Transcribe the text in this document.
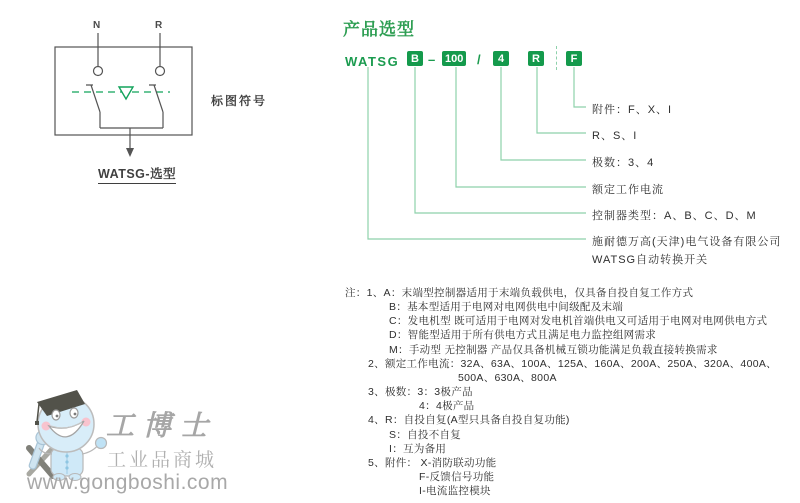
N	R
标图符号
WATSG-选型
产品选型
WATSG	B – 100 /	4	R	F
附件：F、X、I
R、S、I
极数：3、4
额定工作电流
控制器类型：A、B、C、D、M
施耐德万高(天津)电气设备有限公司
WATSG自动转换开关
注：1、A：末端型控制器适用于末端负载供电，仅具备自投自复工作方式
B：基本型适用于电网对电网供电中间级配及末端
C：发电机型 既可适用于电网对发电机首端供电又可适用于电网对电网供电方式
D：智能型适用于所有供电方式且满足电力监控组网需求
M：手动型 无控制器 产品仅具备机械互锁功能满足负载直接转换需求
2、额定工作电流：32A、63A、100A、125A、160A、200A、250A、320A、400A、
500A、630A、800A
3、极数：3：3极产品
4：4极产品
4、R：自投自复(A型只具备自投自复功能)
S：自投不自复
I：互为备用
5、附件： X-消防联动功能
F-反馈信号功能
I-电流监控模块
工博士
工业品商城
www.gongboshi.com
